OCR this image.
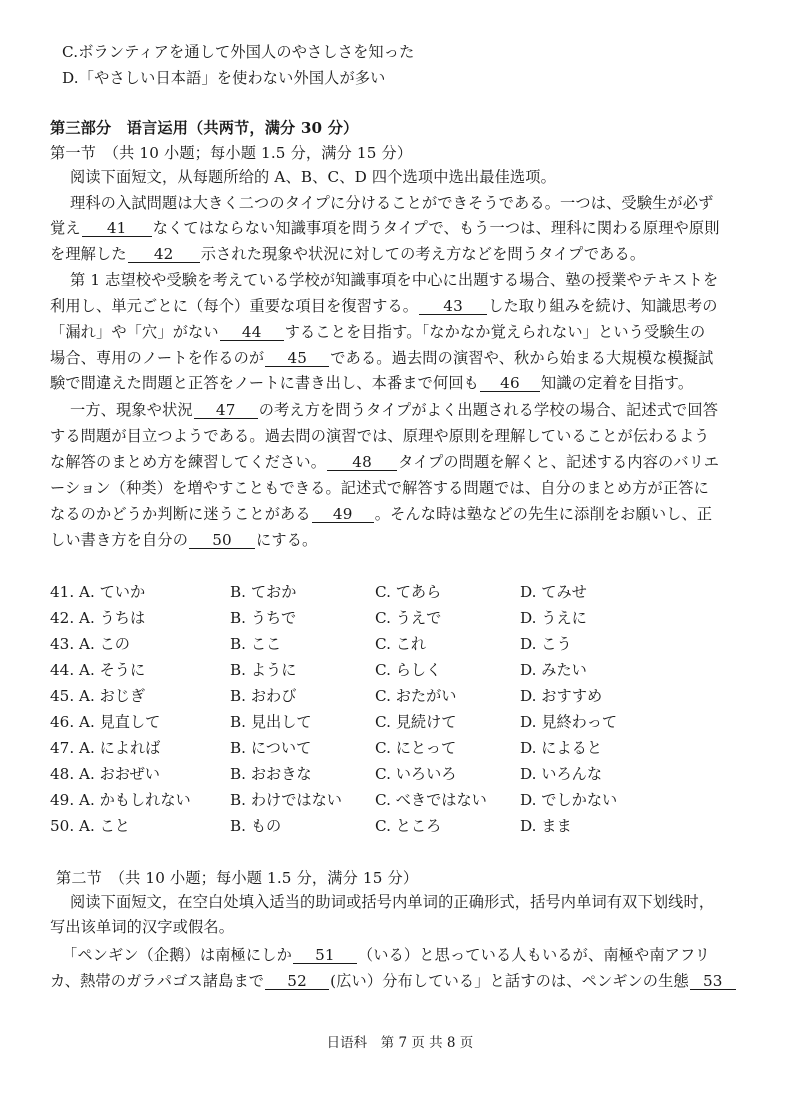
C.ボランティアを通して外国人のやさしさを知った
D.「やさしい日本語」を使わない外国人が多い
第三部分　语言运用（共两节，满分 30 分）
第一节　（共 10 小题；每小题 1.5 分，满分 15 分）
阅读下面短文，从每题所给的 A、B、C、D 四个选项中选出最佳选项。
理科の入試問題は大きく二つのタイプに分けることができそうである。一つは、受験生が必ず
覚え 41 なくてはならない知識事項を問うタイプで、もう一つは、理科に関わる原理や原則
を理解した 42 示された現象や状況に対しての考え方などを問うタイプである。
第 1 志望校や受験を考えている学校が知識事項を中心に出題する場合、塾の授業やテキストを
利用し、単元ごとに（每个）重要な項目を復習する。 43 した取り組みを続け、知識思考の
「漏れ」や「穴」がない 44 することを目指す。「なかなか覚えられない」という受験生の
場合、専用のノートを作るのが 45 である。過去問の演習や、秋から始まる大規模な模擬試
験で間違えた問題と正答をノートに書き出し、本番まで何回も 46 知識の定着を目指す。
一方、現象や状況 47 の考え方を問うタイプがよく出題される学校の場合、記述式で回答
する問題が目立つようである。過去問の演習では、原理や原則を理解していることが伝わるよう
な解答のまとめ方を練習してください。 48 タイプの問題を解くと、記述する内容のバリエ
ーション（种类）を増やすこともできる。記述式で解答する問題では、自分のまとめ方が正答に
なるのかどうか判断に迷うことがある 49 。そんな時は塾などの先生に添削をお願いし、正
しい書き方を自分の 50 にする。
41. A. ていか	B. ておか	C. てあら	D. てみせ
42. A. うちは	B. うちで	C. うえで	D. うえに
43. A. この	B. ここ	C. これ	D. こう
44. A. そうに	B. ように	C. らしく	D. みたい
45. A. おじぎ	B. おわび	C. おたがい	D. おすすめ
46. A. 見直して	B. 見出して	C. 見続けて	D. 見終わって
47. A. によれば	B. について	C. にとって	D. によると
48. A. おおぜい	B. おおきな	C. いろいろ	D. いろんな
49. A. かもしれない	B. わけではない C. べきではない D. でしかない
50. A. こと	B. もの	C. ところ	D. まま
第二节　（共 10 小题；每小题 1.5 分，满分 15 分）
阅读下面短文，在空白处填入适当的助词或括号内单词的正确形式，括号内单词有双下划线时，
写出该单词的汉字或假名。
「ペンギン（企鹅）は南極にしか 51 （いる）と思っている人もいるが、南極や南アフリ
カ、熱帯のガラパゴス諸島まで 52 (広い）分布している」と話すのは、ペンギンの生態 53
日语科　第 7 页 共 8 页
